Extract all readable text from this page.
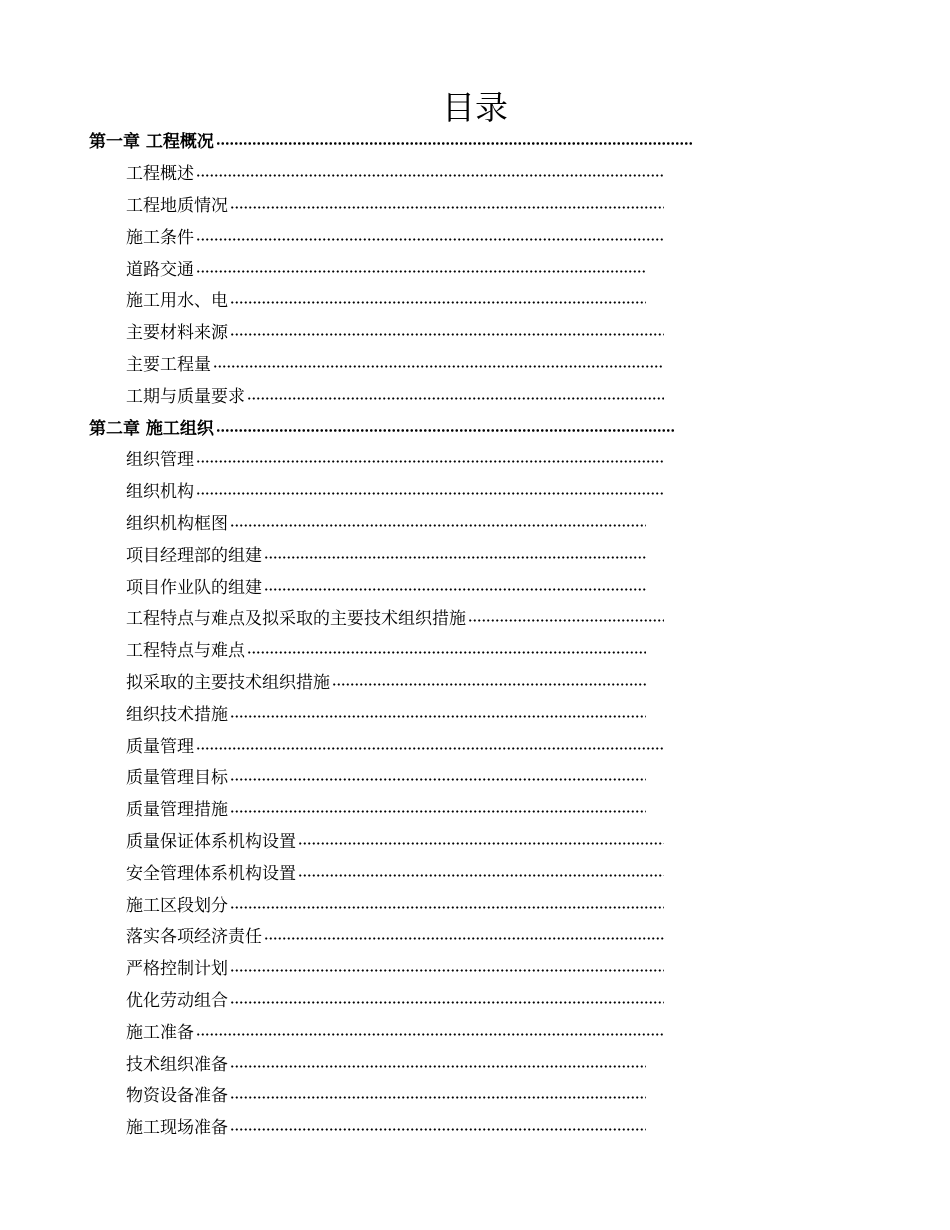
目录
第一章 工程概况
工程概述
工程地质情况
施工条件
道路交通
施工用水、电
主要材料来源
主要工程量
工期与质量要求
第二章 施工组织
组织管理
组织机构
组织机构框图
项目经理部的组建
项目作业队的组建
工程特点与难点及拟采取的主要技术组织措施
工程特点与难点
拟采取的主要技术组织措施
组织技术措施
质量管理
质量管理目标
质量管理措施
质量保证体系机构设置
安全管理体系机构设置
施工区段划分
落实各项经济责任
严格控制计划
优化劳动组合
施工准备
技术组织准备
物资设备准备
施工现场准备
